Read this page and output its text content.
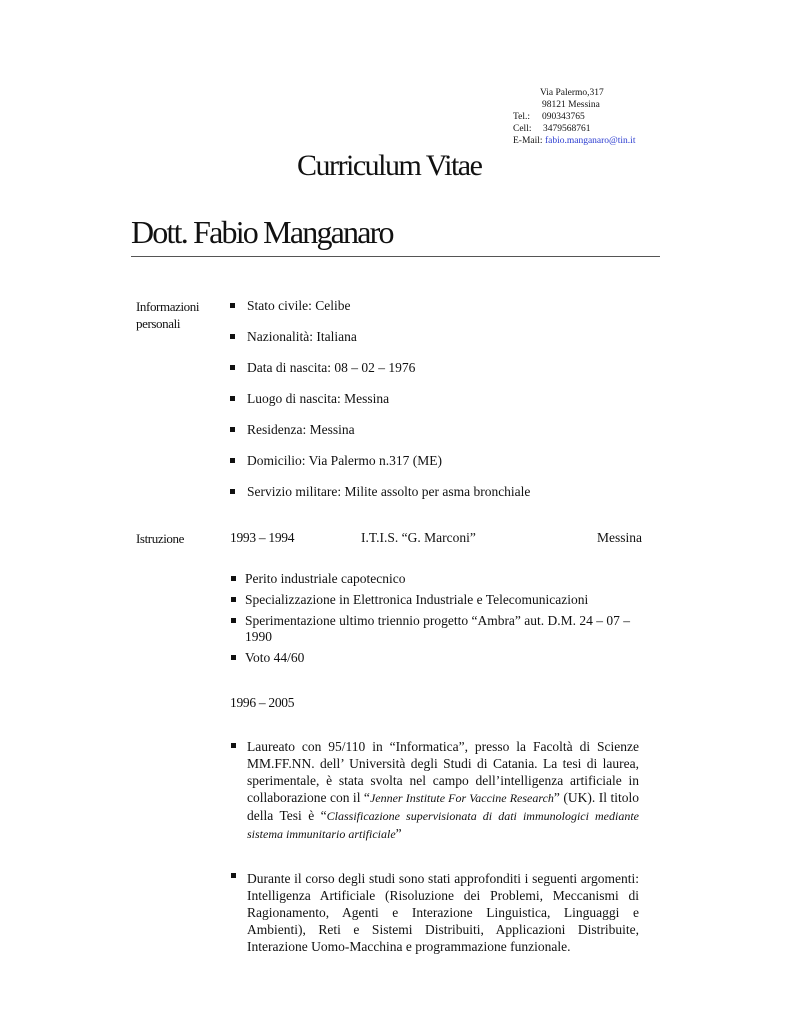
Via Palermo,317
98121 Messina
Tel.: 090343765
Cell: 3479568761
E-Mail: fabio.manganaro@tin.it
Curriculum Vitae
Dott. Fabio Manganaro
Informazioni
personali
Stato civile: Celibe
Nazionalità: Italiana
Data di nascita: 08 – 02 – 1976
Luogo di nascita: Messina
Residenza: Messina
Domicilio: Via Palermo n.317 (ME)
Servizio militare: Milite assolto per asma bronchiale
Istruzione	1993 – 1994	I.T.I.S. “G. Marconi”	Messina
Perito industriale capotecnico
Specializzazione in Elettronica Industriale e Telecomunicazioni
Sperimentazione ultimo triennio progetto “Ambra” aut. D.M. 24 – 07 – 1990
Voto 44/60
1996 – 2005
Laureato con 95/110 in “Informatica”, presso la Facoltà di Scienze MM.FF.NN. dell’ Università degli Studi di Catania. La tesi di laurea, sperimentale, è stata svolta nel campo dell’intelligenza artificiale in collaborazione con il “Jenner Institute For Vaccine Research” (UK). Il titolo della Tesi è “Classificazione supervisionata di dati immunologici mediante sistema immunitario artificiale”
Durante il corso degli studi sono stati approfonditi i seguenti argomenti: Intelligenza Artificiale (Risoluzione dei Problemi, Meccanismi di Ragionamento, Agenti e Interazione Linguistica, Linguaggi e Ambienti), Reti e Sistemi Distribuiti, Applicazioni Distribuite, Interazione Uomo-Macchina e programmazione funzionale.
